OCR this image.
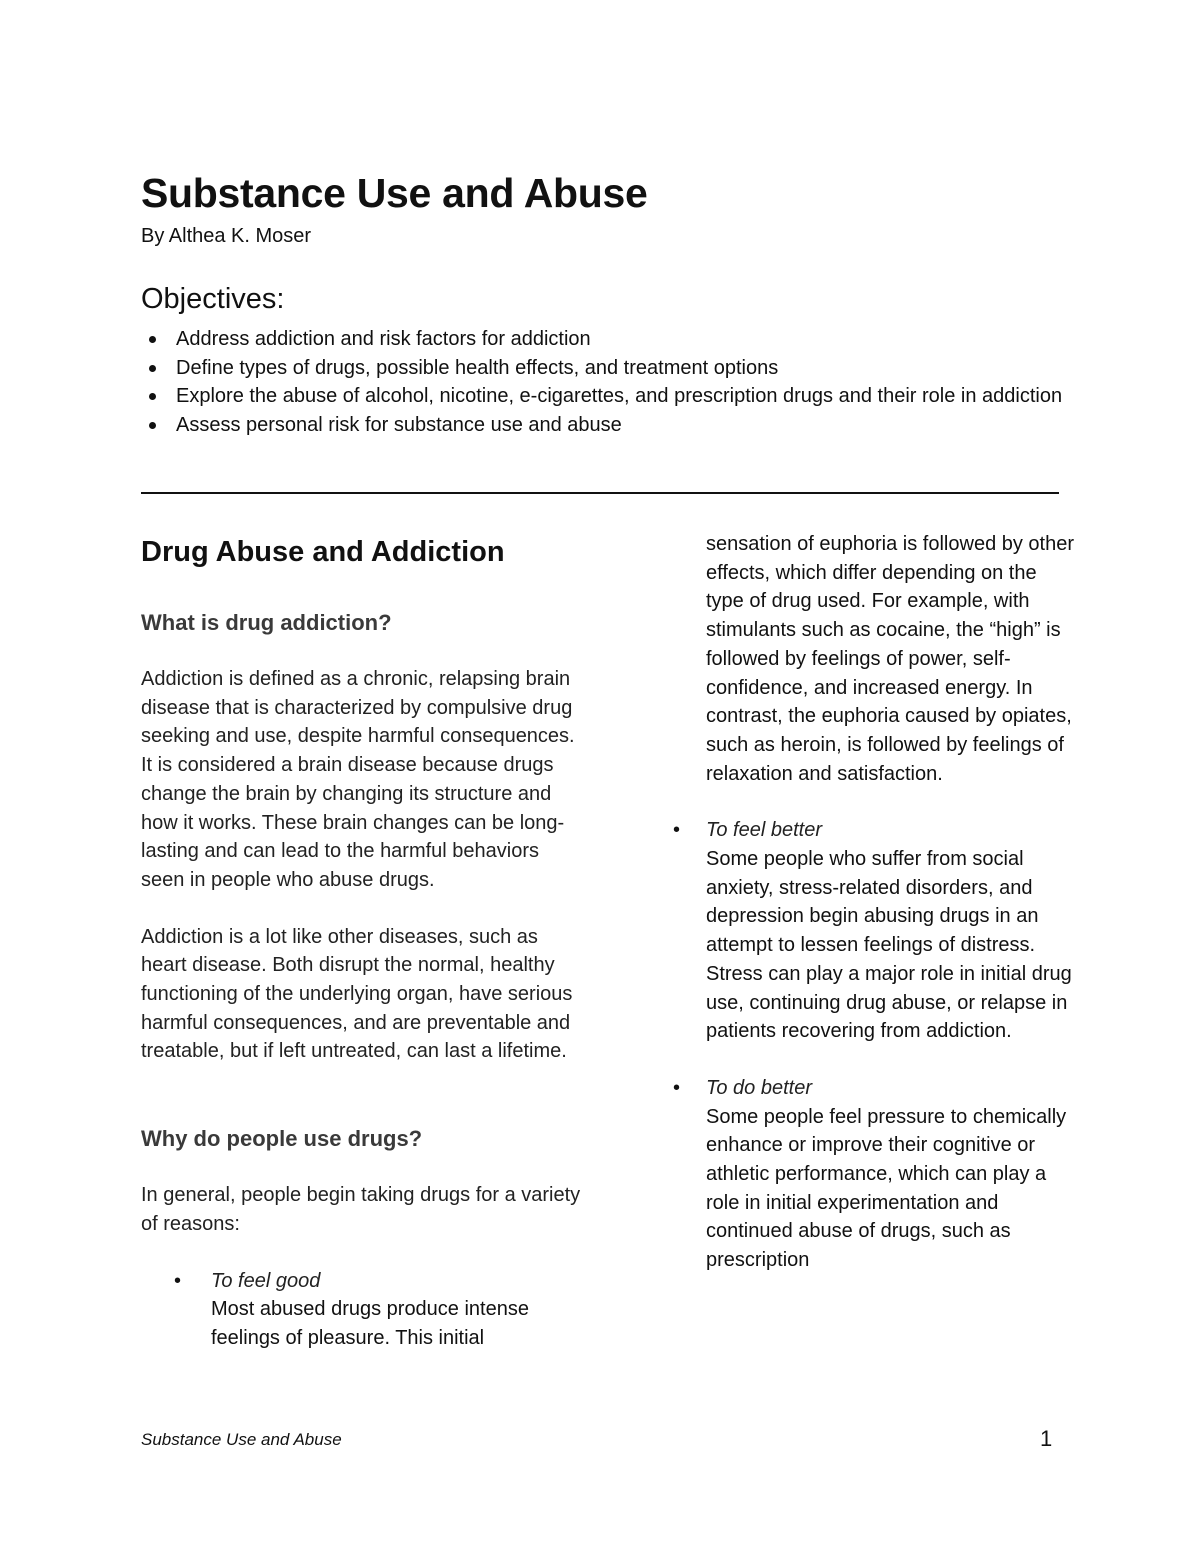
Substance Use and Abuse
By Althea K. Moser
Objectives:
Address addiction and risk factors for addiction
Define types of drugs, possible health effects, and treatment options
Explore the abuse of alcohol, nicotine, e-cigarettes, and prescription drugs and their role in addiction
Assess personal risk for substance use and abuse
Drug Abuse and Addiction
What is drug addiction?

Addiction is defined as a chronic, relapsing brain disease that is characterized by compulsive drug seeking and use, despite harmful consequences. It is considered a brain disease because drugs change the brain by changing its structure and how it works. These brain changes can be long-lasting and can lead to the harmful behaviors seen in people who abuse drugs.

Addiction is a lot like other diseases, such as heart disease. Both disrupt the normal, healthy functioning of the underlying organ, have serious harmful consequences, and are preventable and treatable, but if left untreated, can last a lifetime.

Why do people use drugs?

In general, people begin taking drugs for a variety of reasons:

• To feel good
Most abused drugs produce intense feelings of pleasure. This initial

sensation of euphoria is followed by other effects, which differ depending on the type of drug used. For example, with stimulants such as cocaine, the “high” is followed by feelings of power, self-confidence, and increased energy. In contrast, the euphoria caused by opiates, such as heroin, is followed by feelings of relaxation and satisfaction.

• To feel better
Some people who suffer from social anxiety, stress-related disorders, and depression begin abusing drugs in an attempt to lessen feelings of distress. Stress can play a major role in initial drug use, continuing drug abuse, or relapse in patients recovering from addiction.
• To do better
Some people feel pressure to chemically enhance or improve their cognitive or athletic performance, which can play a role in initial experimentation and continued abuse of drugs, such as prescription
Substance Use and Abuse	1
